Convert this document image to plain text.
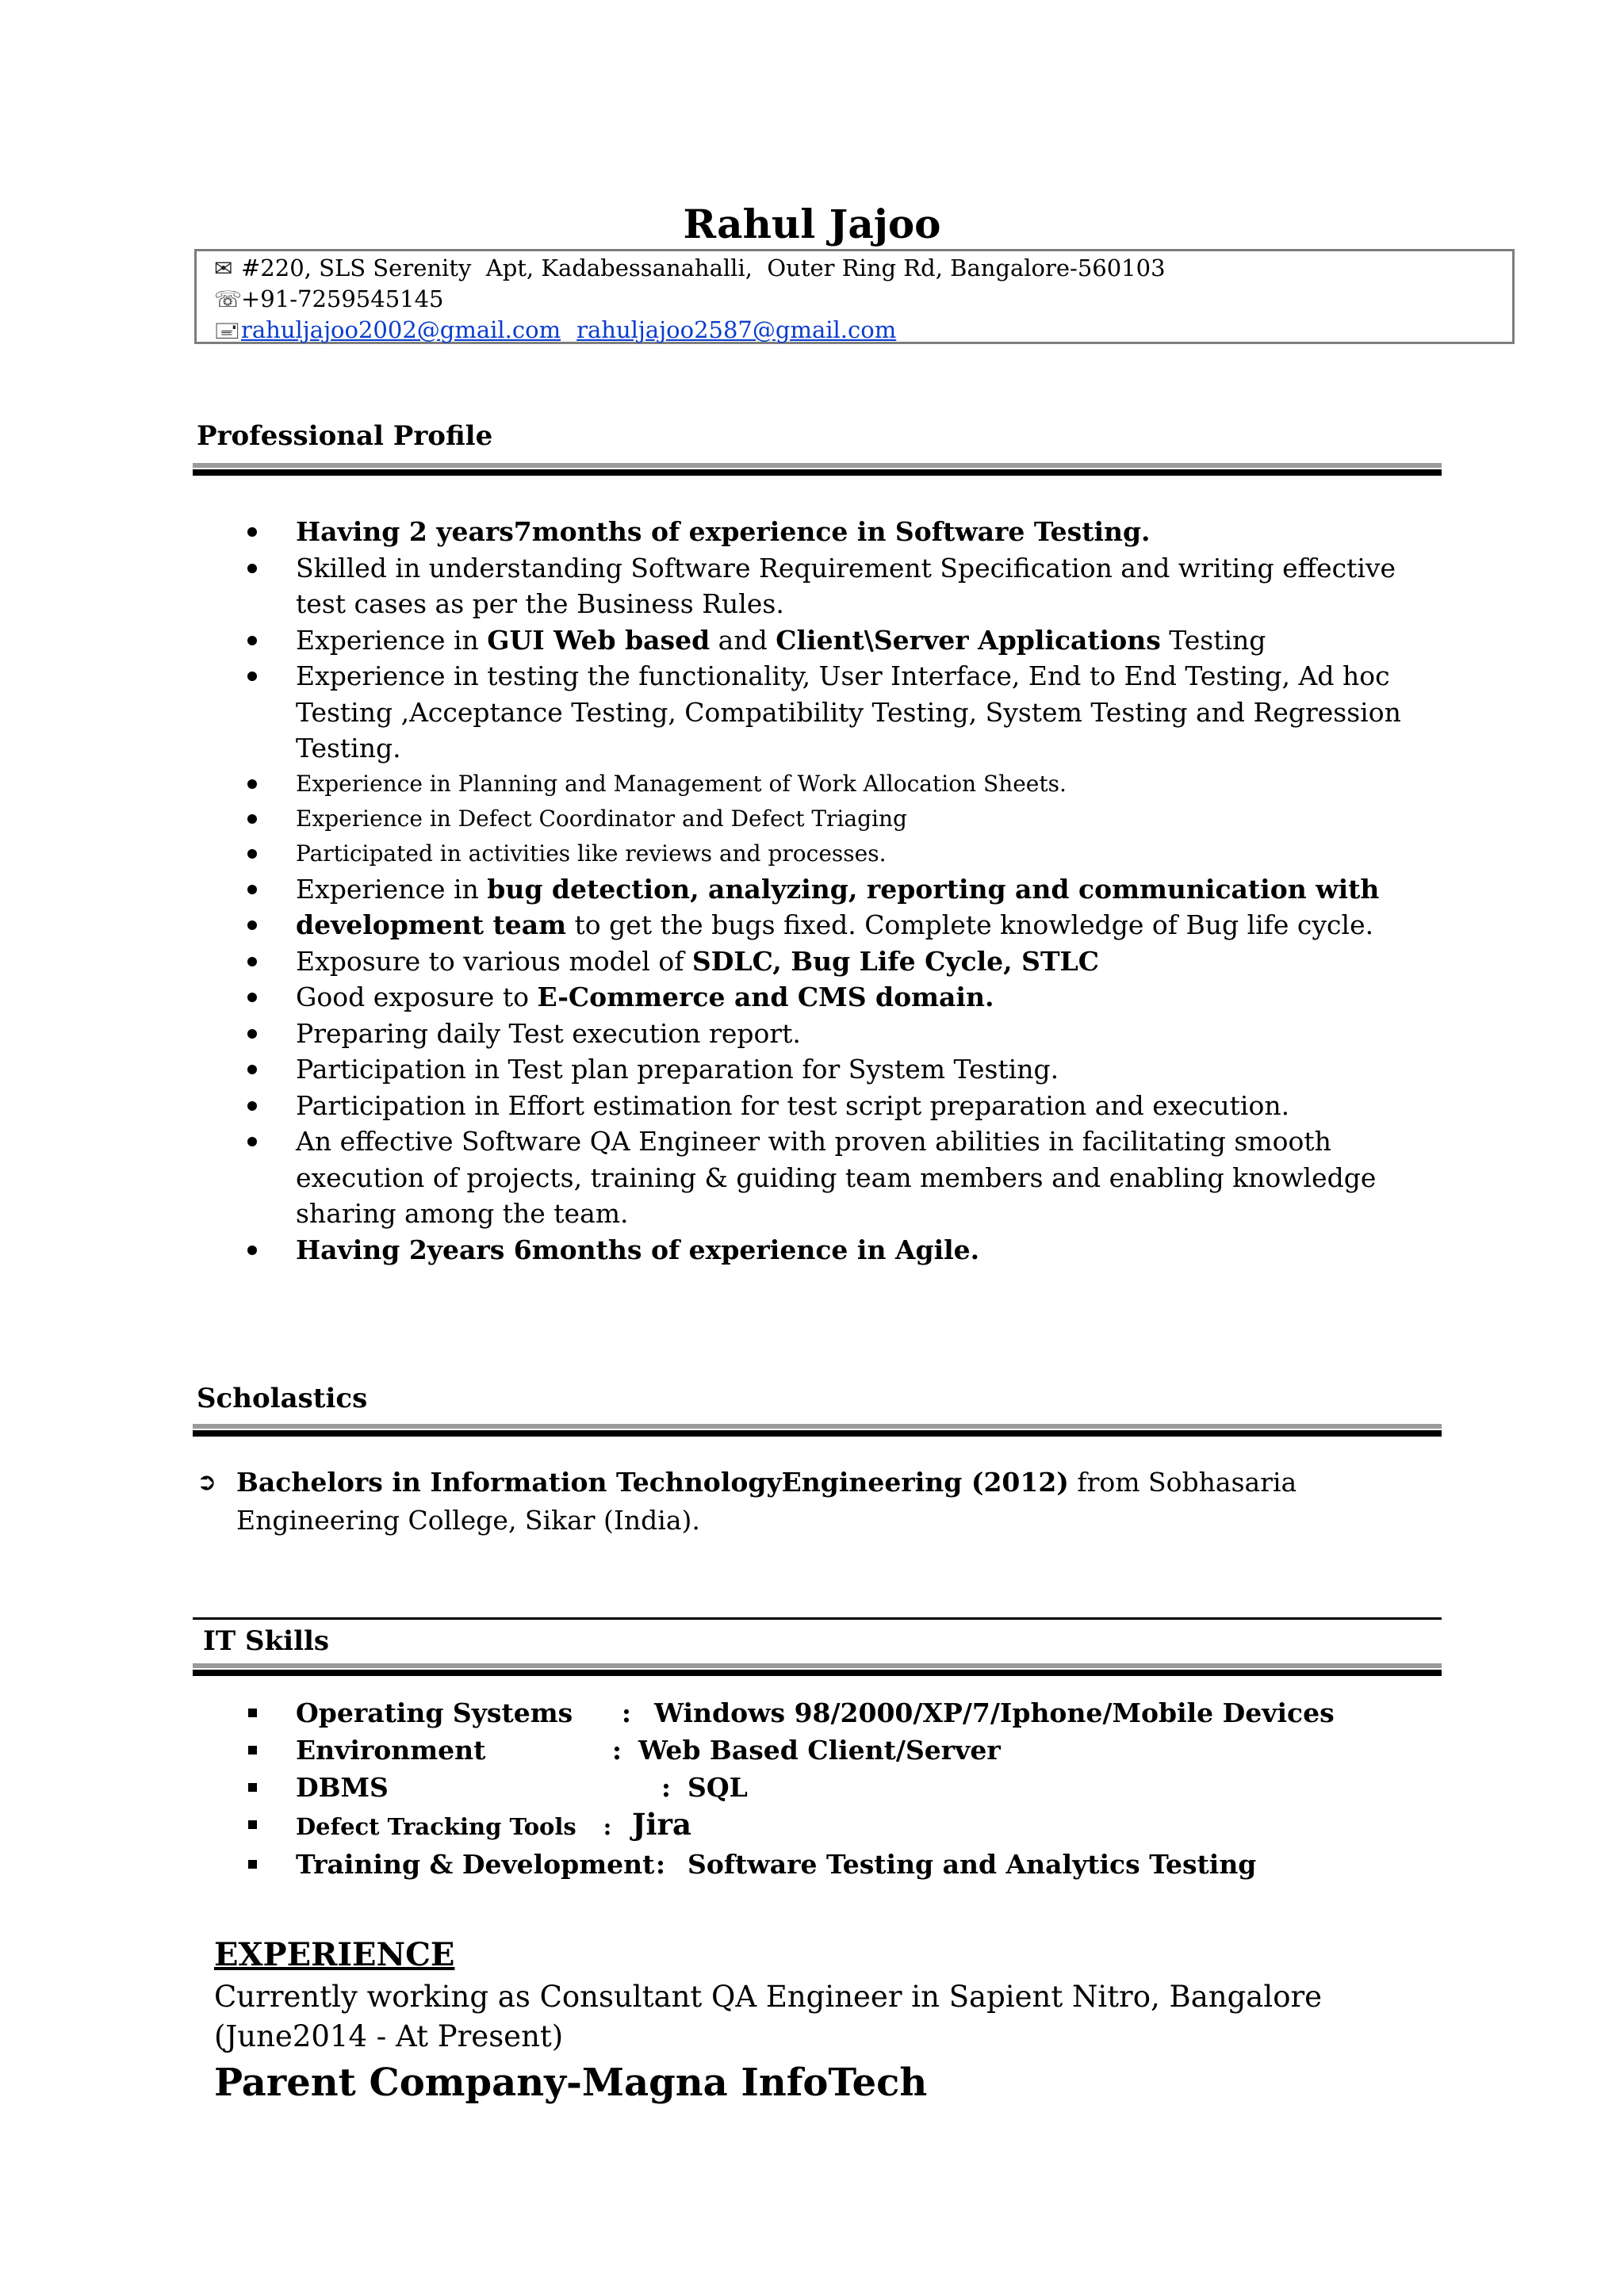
Rahul Jajoo
✉ #220, SLS Serenity  Apt, Kadabessanahalli,  Outer Ring Rd, Bangalore-560103
☏
+91-7259545145
🖃 rahuljajoo2002@gmail.com rahuljajoo2587@gmail.com
Professional Profile
Having 2 years7months of experience in Software Testing.
Skilled in understanding Software Requirement Specification and writing effective test cases as per the Business Rules.
Experience in GUI Web based and Client\Server Applications Testing
Experience in testing the functionality, User Interface, End to End Testing, Ad hoc Testing ,Acceptance Testing, Compatibility Testing, System Testing and Regression Testing.
Experience in Planning and Management of Work Allocation Sheets.
Experience in Defect Coordinator and Defect Triaging
Participated in activities like reviews and processes.
Experience in bug detection, analyzing, reporting and communication with
development team to get the bugs fixed. Complete knowledge of Bug life cycle.
Exposure to various model of SDLC, Bug Life Cycle, STLC
Good exposure to E-Commerce and CMS domain.
Preparing daily Test execution report.
Participation in Test plan preparation for System Testing.
Participation in Effort estimation for test script preparation and execution.
An effective Software QA Engineer with proven abilities in facilitating smooth execution of projects, training & guiding team members and enabling knowledge sharing among the team.
Having 2years 6months of experience in Agile.
Scholastics
➲ Bachelors in Information TechnologyEngineering (2012) from Sobhasaria Engineering College, Sikar (India).
IT Skills
Operating Systems : Windows 98/2000/XP/7/Iphone/Mobile Devices
Environment	: Web Based Client/Server
DBMS	: SQL
Defect Tracking Tools : Jira
Training & Development: Software Testing and Analytics Testing
EXPERIENCE

Currently working as Consultant QA Engineer in Sapient Nitro, Bangalore (June2014 - At Present)

Parent Company-Magna InfoTech
